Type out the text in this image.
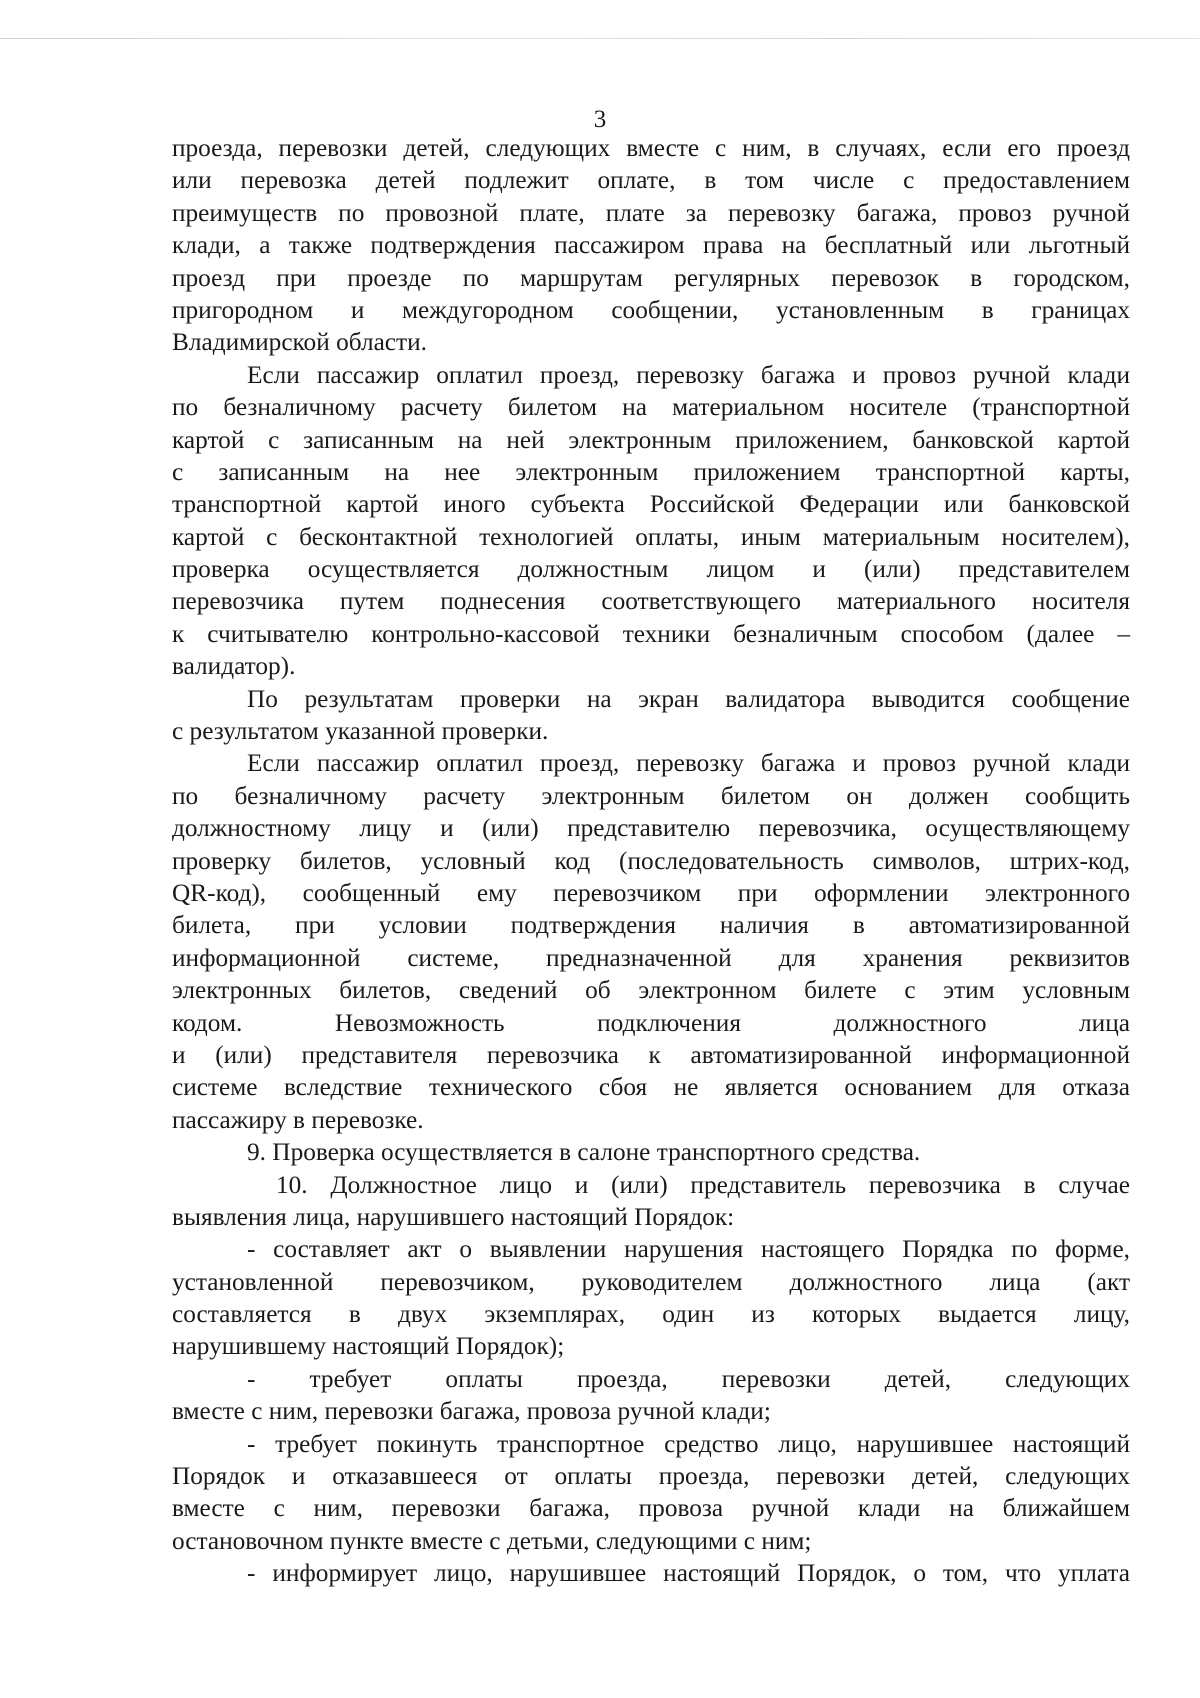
3
проезда, перевозки детей, следующих вместе с ним, в случаях, если его проезд
или перевозка детей подлежит оплате, в том числе с предоставлением
преимуществ по провозной плате, плате за перевозку багажа, провоз ручной
клади, а также подтверждения пассажиром права на бесплатный или льготный
проезд при проезде по маршрутам регулярных перевозок в городском,
пригородном и междугородном сообщении, установленным в границах
Владимирской области.
Если пассажир оплатил проезд, перевозку багажа и провоз ручной клади
по безналичному расчету билетом на материальном носителе (транспортной
картой с записанным на ней электронным приложением, банковской картой
с записанным на нее электронным приложением транспортной карты,
транспортной картой иного субъекта Российской Федерации или банковской
картой с бесконтактной технологией оплаты, иным материальным носителем),
проверка осуществляется должностным лицом и (или) представителем
перевозчика путем поднесения соответствующего материального носителя
к считывателю контрольно-кассовой техники безналичным способом (далее –
валидатор).
По результатам проверки на экран валидатора выводится сообщение
с результатом указанной проверки.
Если пассажир оплатил проезд, перевозку багажа и провоз ручной клади
по безналичному расчету электронным билетом он должен сообщить
должностному лицу и (или) представителю перевозчика, осуществляющему
проверку билетов, условный код (последовательность символов, штрих-код,
QR-код), сообщенный ему перевозчиком при оформлении электронного
билета, при условии подтверждения наличия в автоматизированной
информационной системе, предназначенной для хранения реквизитов
электронных билетов, сведений об электронном билете с этим условным
кодом. Невозможность подключения должностного лица
и (или) представителя перевозчика к автоматизированной информационной
системе вследствие технического сбоя не является основанием для отказа
пассажиру в перевозке.
9. Проверка осуществляется в салоне транспортного средства.
10. Должностное лицо и (или) представитель перевозчика в случае
выявления лица, нарушившего настоящий Порядок:
- составляет акт о выявлении нарушения настоящего Порядка по форме,
установленной перевозчиком, руководителем должностного лица (акт
составляется в двух экземплярах, один из которых выдается лицу,
нарушившему настоящий Порядок);
- требует оплаты проезда, перевозки детей, следующих
вместе с ним, перевозки багажа, провоза ручной клади;
- требует покинуть транспортное средство лицо, нарушившее настоящий
Порядок и отказавшееся от оплаты проезда, перевозки детей, следующих
вместе с ним, перевозки багажа, провоза ручной клади на ближайшем
остановочном пункте вместе с детьми, следующими с ним;
- информирует лицо, нарушившее настоящий Порядок, о том, что уплата
